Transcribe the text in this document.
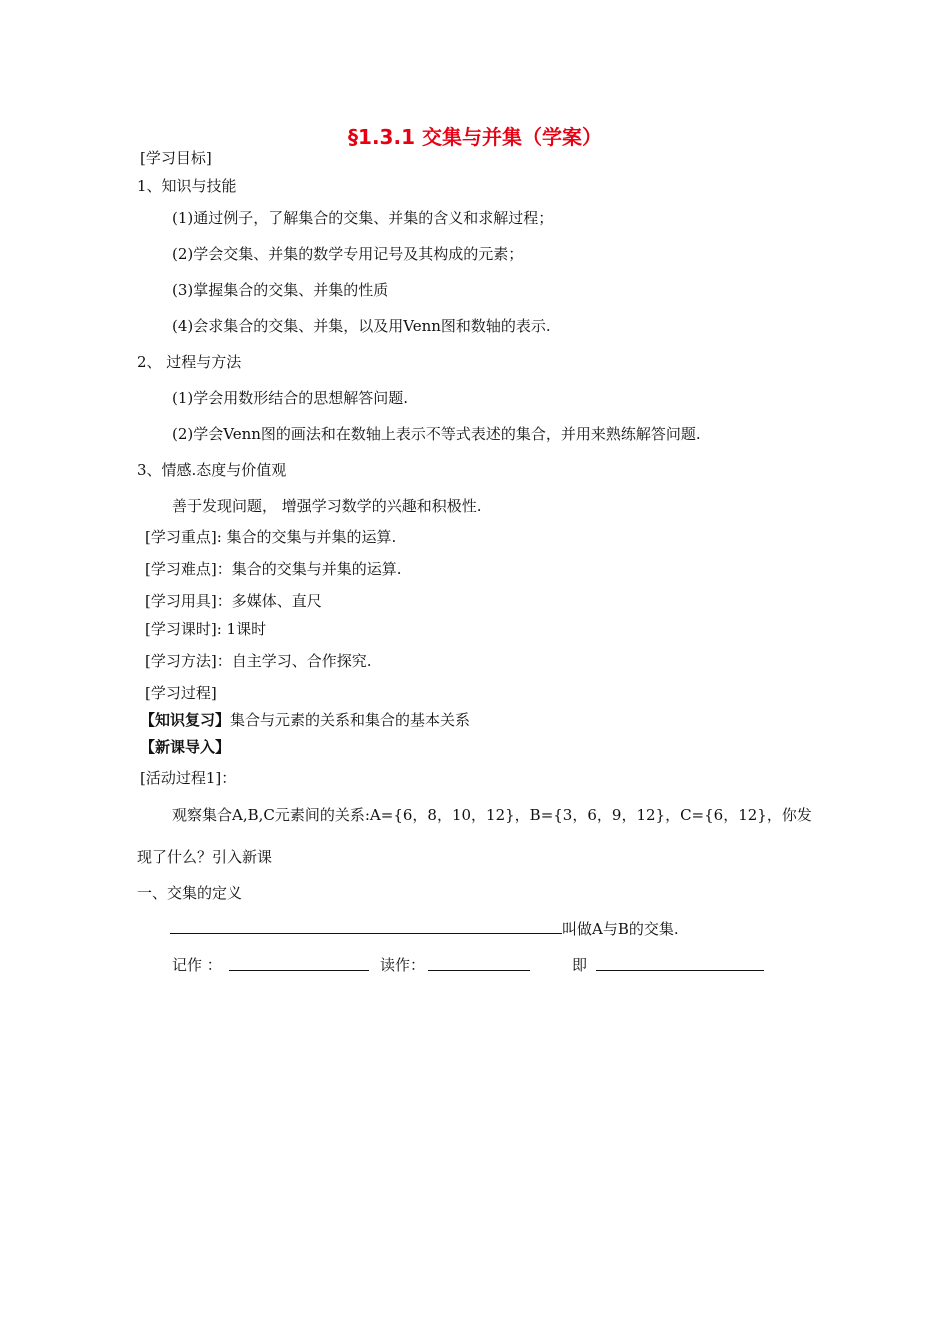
§1.3.1 交集与并集（学案）
[学习目标]
1、知识与技能
(1)通过例子，了解集合的交集、并集的含义和求解过程；
(2)学会交集、并集的数学专用记号及其构成的元素；
(3)掌握集合的交集、并集的性质
(4)会求集合的交集、并集，以及用Venn图和数轴的表示.
2、 过程与方法
(1)学会用数形结合的思想解答问题.
(2)学会Venn图的画法和在数轴上表示不等式表述的集合，并用来熟练解答问题.
3、情感.态度与价值观
善于发现问题， 增强学习数学的兴趣和积极性.
[学习重点]: 集合的交集与并集的运算.
[学习难点]：集合的交集与并集的运算.
[学习用具]：多媒体、直尺
[学习课时]: 1课时
[学习方法]：自主学习、合作探究.
[学习过程]
【知识复习】集合与元素的关系和集合的基本关系
【新课导入】
[活动过程1]：
观察集合A,B,C元素间的关系:A={6，8，10，12}，B={3，6，9，12}，C={6，12}，你发
现了什么？引入新课
一、交集的定义
叫做A与B的交集.
记作 ：	读作：	即
